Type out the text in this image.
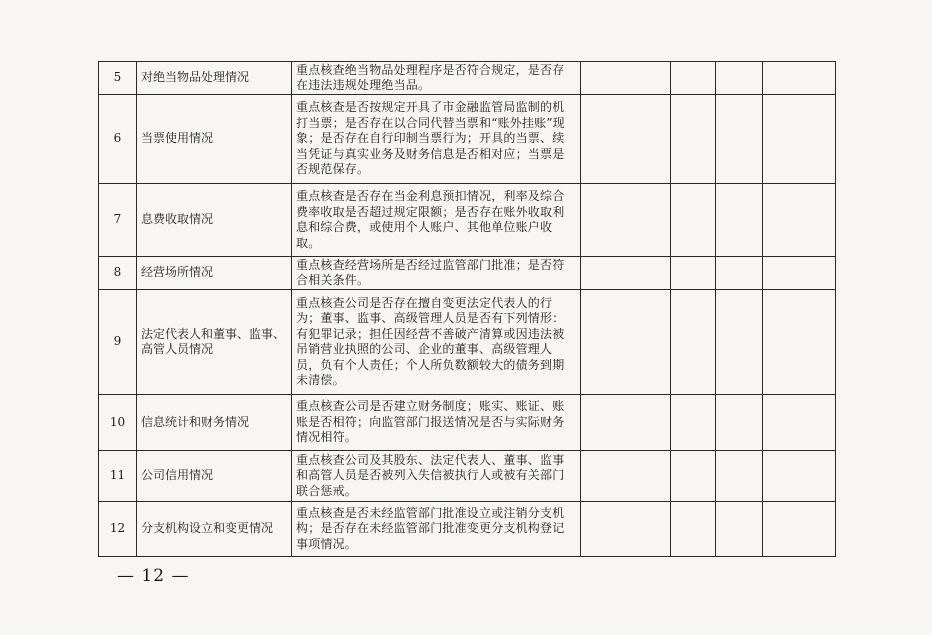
5	对绝当物品处理情况	重点核查绝当物品处理程序是否符合规定，是否存在违法违规处理绝当品。				
6	当票使用情况	重点核查是否按规定开具了市金融监管局监制的机打当票；是否存在以合同代替当票和“账外挂账”现象；是否存在自行印制当票行为；开具的当票、续当凭证与真实业务及财务信息是否相对应；当票是否规范保存。				
7	息费收取情况	重点核查是否存在当金利息预扣情况，利率及综合费率收取是否超过规定限额；是否存在账外收取利息和综合费，或使用个人账户、其他单位账户收取。				
8	经营场所情况	重点核查经营场所是否经过监管部门批准；是否符合相关条件。				
9	法定代表人和董事、监事、高管人员情况	重点核查公司是否存在擅自变更法定代表人的行为；董事、监事、高级管理人员是否有下列情形：有犯罪记录；担任因经营不善破产清算或因违法被吊销营业执照的公司、企业的董事、高级管理人员，负有个人责任；个人所负数额较大的债务到期未清偿。				
10	信息统计和财务情况	重点核查公司是否建立财务制度；账实、账证、账账是否相符；向监管部门报送情况是否与实际财务情况相符。				
11	公司信用情况	重点核查公司及其股东、法定代表人、董事、监事和高管人员是否被列入失信被执行人或被有关部门联合惩戒。				
12	分支机构设立和变更情况	重点核查是否未经监管部门批准设立或注销分支机构；是否存在未经监管部门批准变更分支机构登记事项情况。				
— 12 —
